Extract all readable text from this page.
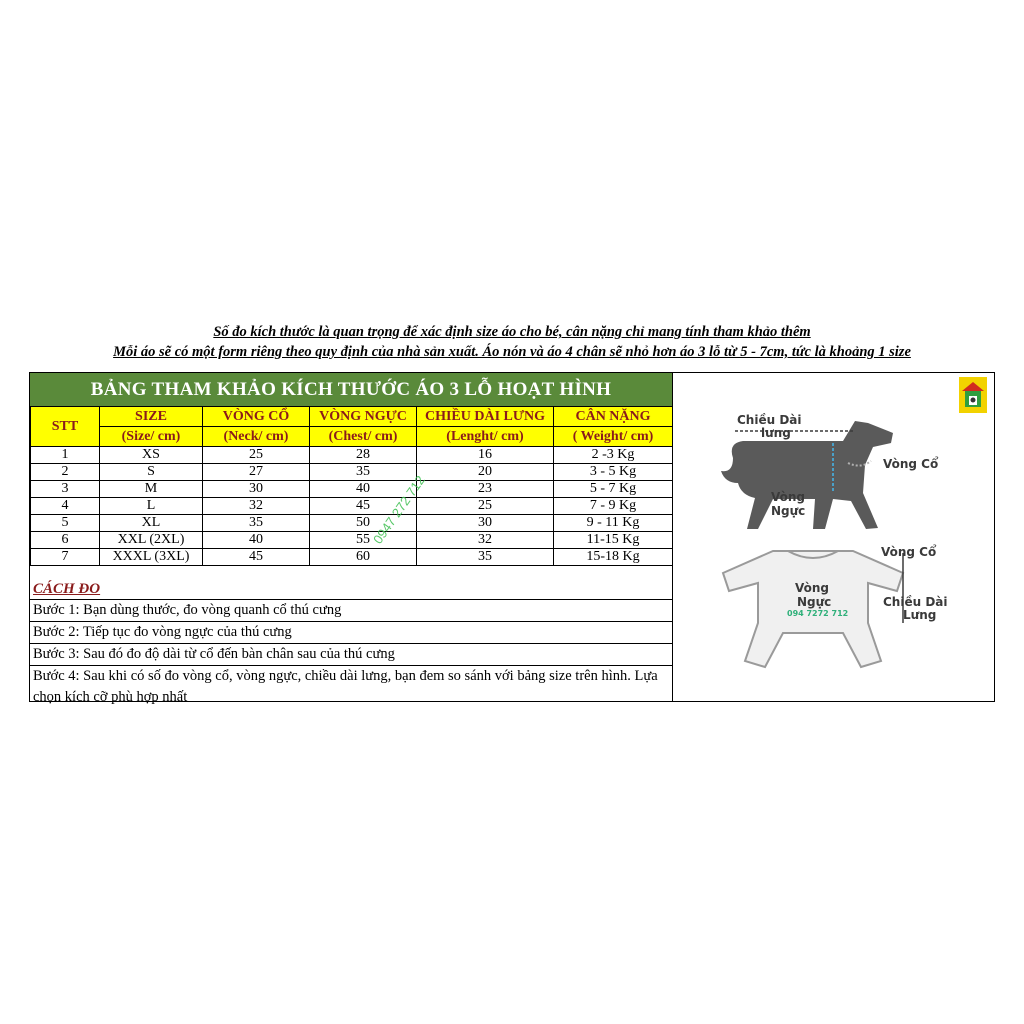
Số đo kích thước là quan trọng để xác định size áo cho bé, cân nặng chỉ mang tính tham khảo thêm
Mỗi áo sẽ có một form riêng theo quy định của nhà sản xuất. Áo nón và áo 4 chân sẽ nhỏ hơn áo 3 lỗ từ 5 - 7cm, tức là khoảng 1 size
BẢNG THAM KHẢO KÍCH THƯỚC ÁO 3 LỖ HOẠT HÌNH
STT	SIZE	VÒNG CỔ	VÒNG NGỰC	CHIỀU DÀI LƯNG	CÂN NẶNG
	(Size/ cm)	(Neck/ cm)	(Chest/ cm)	(Lenght/ cm)	( Weight/ cm)
1	XS	25	28	16	2 -3 Kg
2	S	27	35	20	3 - 5 Kg
3	M	30	40	23	5 - 7 Kg
4	L	32	45	25	7 - 9 Kg
5	XL	35	50	30	9 - 11 Kg
6	XXL (2XL)	40	55	32	11-15 Kg
7	XXXL (3XL)	45	60	35	15-18 Kg
CÁCH ĐO
Bước 1: Bạn dùng thước, đo vòng quanh cổ thú cưng
Bước 2: Tiếp tục đo vòng ngực của thú cưng
Bước 3: Sau đó đo độ dài từ cổ đến bàn chân sau của thú cưng
Bước 4: Sau khi có số đo vòng cổ, vòng ngực, chiều dài lưng, bạn đem so sánh với bảng size trên hình. Lựa chọn kích cỡ phù hợp nhất
0947 272 712
Chiều Dài
lưng
Vòng Cổ
Vòng
Ngực
Vòng Cổ
Vòng
Ngực
094 7272 712
Chiều Dài
Lưng
